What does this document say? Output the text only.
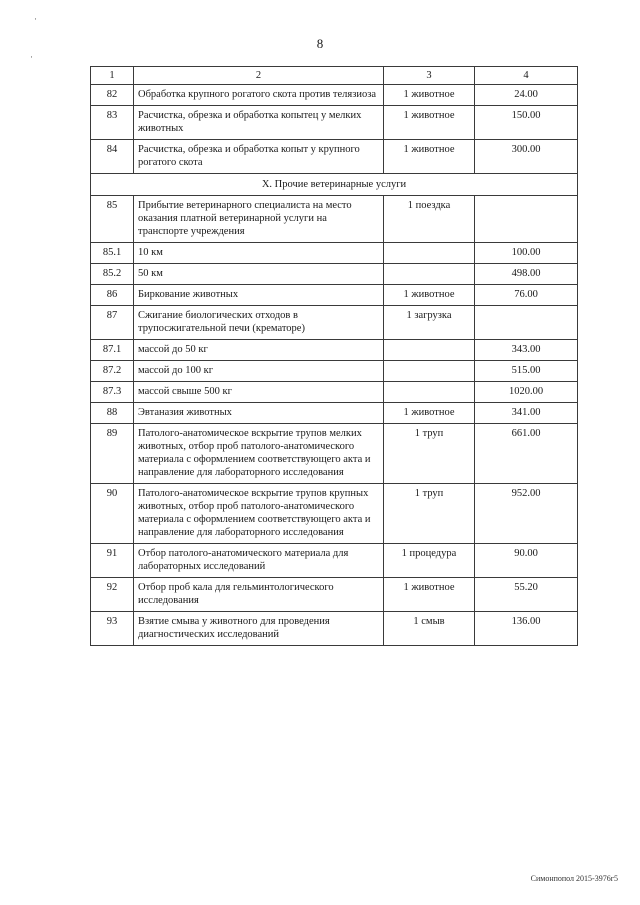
·
·
8
1	2	3	4
82	Обработка крупного рогатого скота против телязиоза	1 животное	24.00
83	Расчистка, обрезка и обработка копытец у мелких животных	1 животное	150.00
84	Расчистка, обрезка и обработка копыт у крупного рогатого скота	1 животное	300.00
X. Прочие ветеринарные услуги			
85	Прибытие ветеринарного специалиста на место оказания платной ветеринарной услуги на транспорте учреждения	1 поездка	
85.1	10 км		100.00
85.2	50 км		498.00
86	Биркование животных	1 животное	76.00
87	Сжигание биологических отходов в трупосжигательной печи (крематоре)	1 загрузка	
87.1	массой до 50 кг		343.00
87.2	массой до 100 кг		515.00
87.3	массой свыше 500 кг		1020.00
88	Эвтаназия животных	1 животное	341.00
89	Патолого-анатомическое вскрытие трупов мелких животных, отбор проб патолого-анатомического материала с оформлением соответствующего акта и направление для лабораторного исследования	1 труп	661.00
90	Патолого-анатомическое вскрытие трупов крупных животных, отбор проб патолого-анатомического материала с оформлением соответствующего акта и направление для лабораторного исследования	1 труп	952.00
91	Отбор патолого-анатомического материала для лабораторных исследований	1 процедура	90.00
92	Отбор проб кала для гельминтологического исследования	1 животное	55.20
93	Взятие смыва у животного для проведения диагностических исследований	1 смыв	136.00
Симонпопол 2015-3976г5
